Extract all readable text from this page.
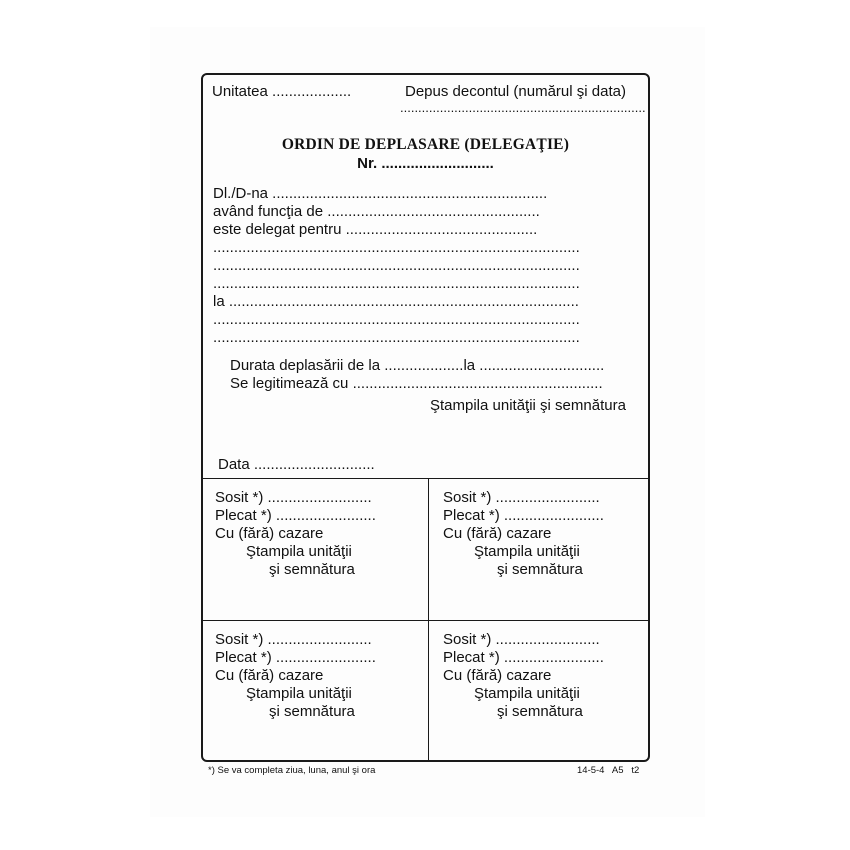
Unitatea ...................	Depus decontul (numărul şi data)
....................................................................
ORDIN DE DEPLASARE (DELEGAŢIE)
Nr. ...........................
Dl./D-na ..................................................................
având funcţia de ...................................................
este delegat pentru ..............................................
........................................................................................
........................................................................................
........................................................................................
la ....................................................................................
........................................................................................
........................................................................................
Durata deplasării de la ...................la ..............................
Se legitimează cu ............................................................
Ştampila unităţii şi semnătura
Data .............................
Sosit *) .........................
Plecat *) ........................
Cu (fără) cazare
Ştampila unităţii
şi semnătura
Sosit *) .........................
Plecat *) ........................
Cu (fără) cazare
Ştampila unităţii
şi semnătura
Sosit *) .........................
Plecat *) ........................
Cu (fără) cazare
Ştampila unităţii
şi semnătura
Sosit *) .........................
Plecat *) ........................
Cu (fără) cazare
Ştampila unităţii
şi semnătura
*) Se va completa ziua, luna, anul şi ora	14-5-4   A5   t2
